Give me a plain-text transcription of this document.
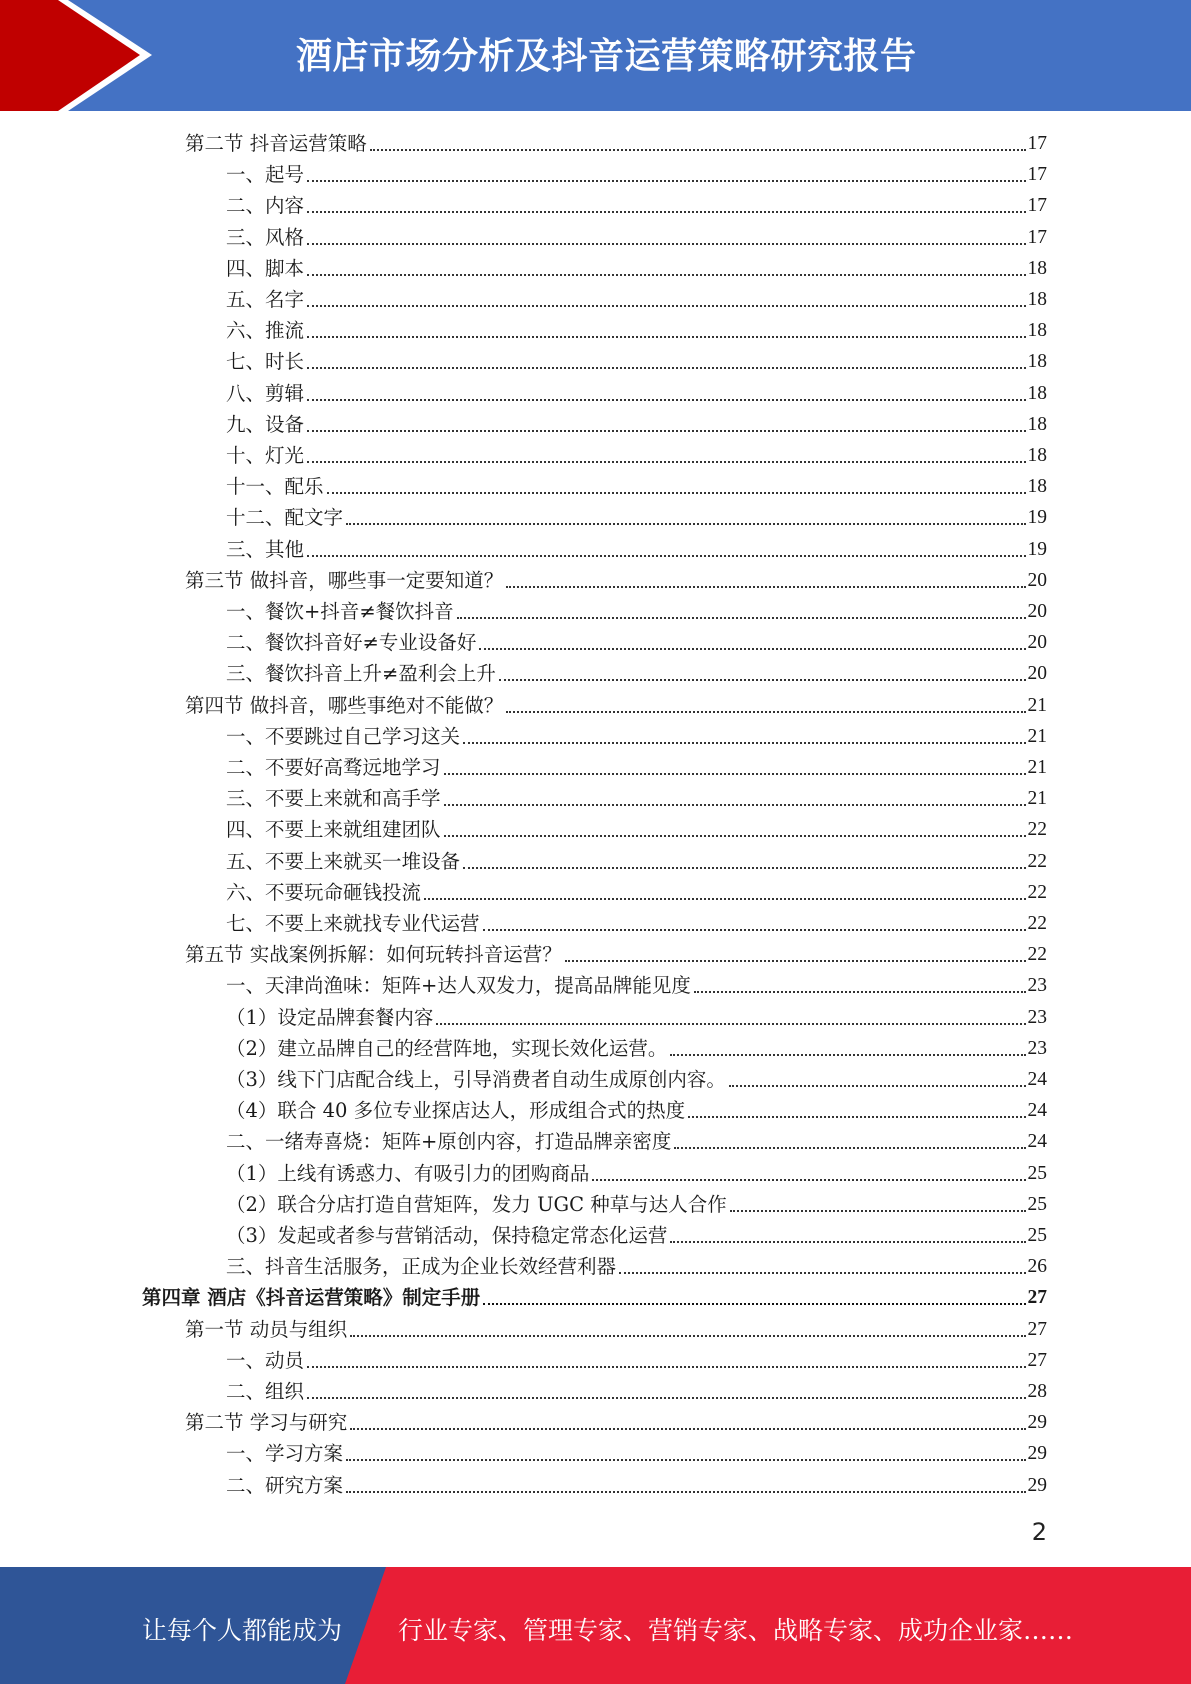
酒店市场分析及抖音运营策略研究报告
第二节 抖音运营策略	17
一、起号	17
二、内容	17
三、风格	17
四、脚本	18
五、名字	18
六、推流	18
七、时长	18
八、剪辑	18
九、设备	18
十、灯光	18
十一、配乐	18
十二、配文字	19
三、其他	19
第三节 做抖音，哪些事一定要知道？	20
一、餐饮+抖音≠餐饮抖音	20
二、餐饮抖音好≠专业设备好	20
三、餐饮抖音上升≠盈利会上升	20
第四节 做抖音，哪些事绝对不能做？	21
一、不要跳过自己学习这关	21
二、不要好高骛远地学习	21
三、不要上来就和高手学	21
四、不要上来就组建团队	22
五、不要上来就买一堆设备	22
六、不要玩命砸钱投流	22
七、不要上来就找专业代运营	22
第五节 实战案例拆解：如何玩转抖音运营？	22
一、天津尚渔味：矩阵+达人双发力，提高品牌能见度	23
（1）设定品牌套餐内容	23
（2）建立品牌自己的经营阵地，实现长效化运营。	23
（3）线下门店配合线上，引导消费者自动生成原创内容。	24
（4）联合 40 多位专业探店达人，形成组合式的热度	24
二、一绪寿喜烧：矩阵+原创内容，打造品牌亲密度	24
（1）上线有诱惑力、有吸引力的团购商品	25
（2）联合分店打造自营矩阵，发力 UGC 种草与达人合作	25
（3）发起或者参与营销活动，保持稳定常态化运营	25
三、抖音生活服务，正成为企业长效经营利器	26
第四章 酒店《抖音运营策略》制定手册	27
第一节 动员与组织	27
一、动员	27
二、组织	28
第二节 学习与研究	29
一、学习方案	29
二、研究方案	29
2
让每个人都能成为 行业专家、管理专家、营销专家、战略专家、成功企业家……
